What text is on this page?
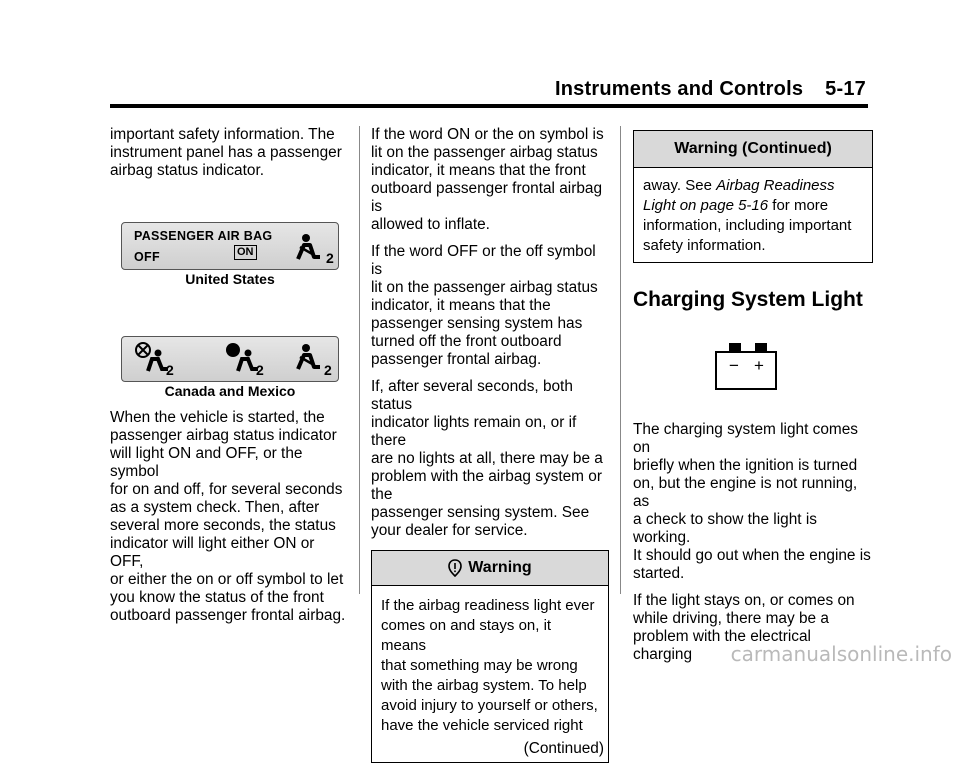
Instruments and Controls 5-17

important safety information. The
instrument panel has a passenger
airbag status indicator.

PASSENGER AIR BAG
OFF	ON	2

United States

2	2	2

Canada and Mexico

When the vehicle is started, the
passenger airbag status indicator
will light ON and OFF, or the symbol
for on and off, for several seconds
as a system check. Then, after
several more seconds, the status
indicator will light either ON or OFF,
or either the on or off symbol to let
you know the status of the front
outboard passenger frontal airbag.

If the word ON or the on symbol is
lit on the passenger airbag status
indicator, it means that the front
outboard passenger frontal airbag is
allowed to inflate.

If the word OFF or the off symbol is
lit on the passenger airbag status
indicator, it means that the
passenger sensing system has
turned off the front outboard
passenger frontal airbag.

If, after several seconds, both status
indicator lights remain on, or if there
are no lights at all, there may be a
problem with the airbag system or the
passenger sensing system. See
your dealer for service.

Warning

If the airbag readiness light ever
comes on and stays on, it means
that something may be wrong
with the airbag system. To help
avoid injury to yourself or others,
have the vehicle serviced right

(Continued)
Warning (Continued)

away. See Airbag Readiness
Light on page 5-16 for more
information, including important
safety information.

Charging System Light
− +

The charging system light comes on
briefly when the ignition is turned
on, but the engine is not running, as
a check to show the light is working.
It should go out when the engine is
started.

If the light stays on, or comes on
while driving, there may be a
problem with the electrical charging	carmanualsonline.info
